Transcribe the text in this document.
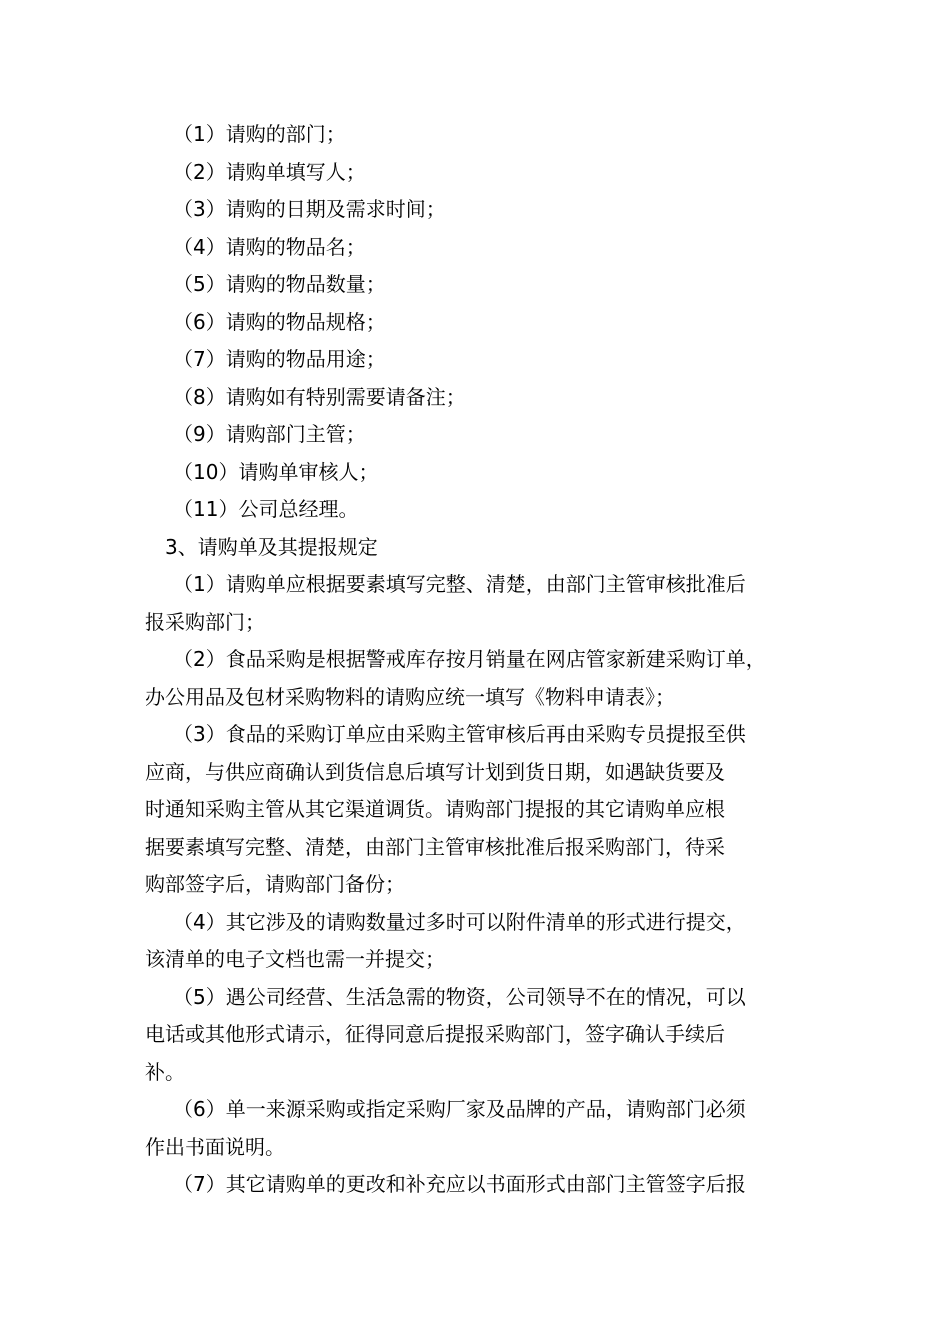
（1）请购的部门；
（2）请购单填写人；
（3）请购的日期及需求时间；
（4）请购的物品名；
（5）请购的物品数量；
（6）请购的物品规格；
（7）请购的物品用途；
（8）请购如有特别需要请备注；
（9）请购部门主管；
（10）请购单审核人；
（11）公司总经理。
3、请购单及其提报规定
（1）请购单应根据要素填写完整、清楚，由部门主管审核批准后
报采购部门；
（2）食品采购是根据警戒库存按月销量在网店管家新建采购订单，
办公用品及包材采购物料的请购应统一填写《物料申请表》；
（3）食品的采购订单应由采购主管审核后再由采购专员提报至供
应商，与供应商确认到货信息后填写计划到货日期，如遇缺货要及
时通知采购主管从其它渠道调货。请购部门提报的其它请购单应根
据要素填写完整、清楚，由部门主管审核批准后报采购部门，待采
购部签字后，请购部门备份；
（4）其它涉及的请购数量过多时可以附件清单的形式进行提交，
该清单的电子文档也需一并提交；
（5）遇公司经营、生活急需的物资，公司领导不在的情况，可以
电话或其他形式请示，征得同意后提报采购部门，签字确认手续后
补。
（6）单一来源采购或指定采购厂家及品牌的产品，请购部门必须
作出书面说明。
（7）其它请购单的更改和补充应以书面形式由部门主管签字后报
